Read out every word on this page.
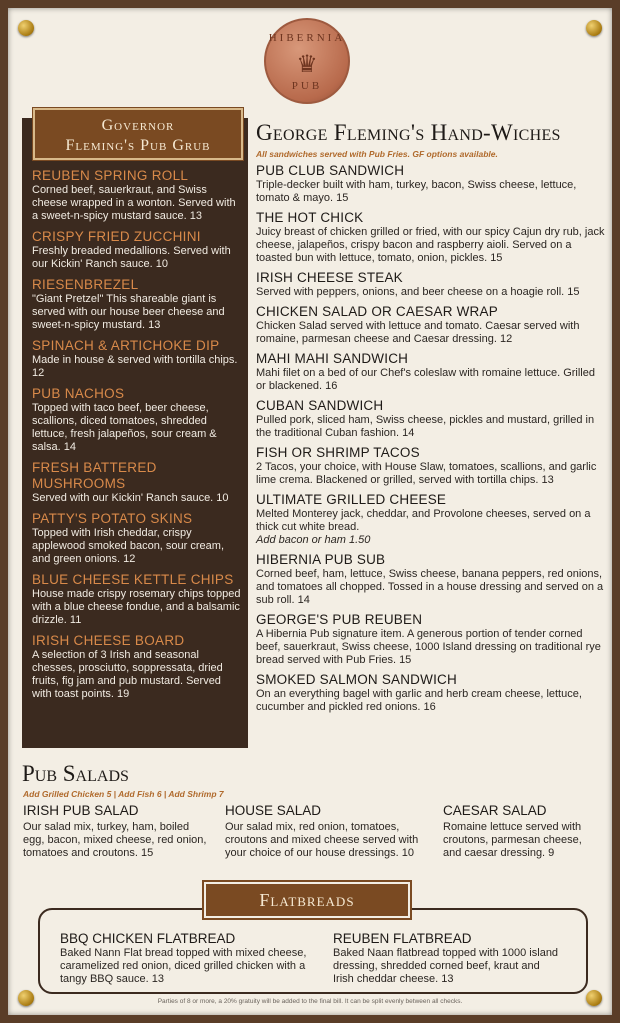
HIBERNIA
♛
PUB
Governor
Fleming's Pub Grub
REUBEN SPRING ROLL
Corned beef, sauerkraut, and Swiss cheese wrapped in a wonton. Served with a sweet-n-spicy mustard sauce. 13
CRISPY FRIED ZUCCHINI
Freshly breaded medallions. Served with our Kickin' Ranch sauce. 10
RIESENBREZEL
"Giant Pretzel" This shareable giant is served with our house beer cheese and sweet-n-spicy mustard. 13
SPINACH & ARTICHOKE DIP
Made in house & served with tortilla chips. 12
PUB NACHOS
Topped with taco beef, beer cheese, scallions, diced tomatoes, shredded lettuce, fresh jalapeños, sour cream & salsa. 14
FRESH BATTERED MUSHROOMS
Served with our Kickin' Ranch sauce. 10
PATTY'S POTATO SKINS
Topped with Irish cheddar, crispy applewood smoked bacon, sour cream, and green onions. 12
BLUE CHEESE KETTLE CHIPS
House made crispy rosemary chips topped with a blue cheese fondue, and a balsamic drizzle. 11
IRISH CHEESE BOARD
A selection of 3 Irish and seasonal chesses, prosciutto, soppressata, dried fruits, fig jam and pub mustard. Served with toast points. 19
George Fleming's Hand-Wiches
All sandwiches served with Pub Fries. GF options available.
PUB CLUB SANDWICH
Triple-decker built with ham, turkey, bacon, Swiss cheese, lettuce, tomato & mayo. 15
THE HOT CHICK
Juicy breast of chicken grilled or fried, with our spicy Cajun dry rub, jack cheese, jalapeños, crispy bacon and raspberry aioli. Served on a toasted bun with lettuce, tomato, onion, pickles. 15
IRISH CHEESE STEAK
Served with peppers, onions, and beer cheese on a hoagie roll. 15
CHICKEN SALAD OR CAESAR WRAP
Chicken Salad served with lettuce and tomato. Caesar served with romaine, parmesan cheese and Caesar dressing. 12
MAHI MAHI SANDWICH
Mahi filet on a bed of our Chef's coleslaw with romaine lettuce. Grilled or blackened. 16
CUBAN SANDWICH
Pulled pork, sliced ham, Swiss cheese, pickles and mustard, grilled in the traditional Cuban fashion. 14
FISH OR SHRIMP TACOS
2 Tacos, your choice, with House Slaw, tomatoes, scallions, and garlic lime crema. Blackened or grilled, served with tortilla chips. 13
ULTIMATE GRILLED CHEESE
Melted Monterey jack, cheddar, and Provolone cheeses, served on a thick cut white bread.
Add bacon or ham 1.50
HIBERNIA PUB SUB
Corned beef, ham, lettuce, Swiss cheese, banana peppers, red onions, and tomatoes all chopped. Tossed in a house dressing and served on a sub roll. 14
GEORGE'S PUB REUBEN
A Hibernia Pub signature item. A generous portion of tender corned beef, sauerkraut, Swiss cheese, 1000 Island dressing on traditional rye bread served with Pub Fries. 15
SMOKED SALMON SANDWICH
On an everything bagel with garlic and herb cream cheese, lettuce, cucumber and pickled red onions. 16
Pub Salads
Add Grilled Chicken 5 | Add Fish 6 | Add Shrimp 7
IRISH PUB SALAD
Our salad mix, turkey, ham, boiled egg, bacon, mixed cheese, red onion, tomatoes and croutons. 15
HOUSE SALAD
Our salad mix, red onion, tomatoes, croutons and mixed cheese served with your choice of our house dressings. 10
CAESAR SALAD
Romaine lettuce served with croutons, parmesan cheese, and caesar dressing. 9
Flatbreads
BBQ CHICKEN FLATBREAD
Baked Nann Flat bread topped with mixed cheese, caramelized red onion, diced grilled chicken with a tangy BBQ sauce. 13
REUBEN FLATBREAD
Baked Naan flatbread topped with 1000 island dressing, shredded corned beef, kraut and Irish cheddar cheese. 13
Parties of 8 or more, a 20% gratuity will be added to the final bill. It can be split evenly between all checks.
